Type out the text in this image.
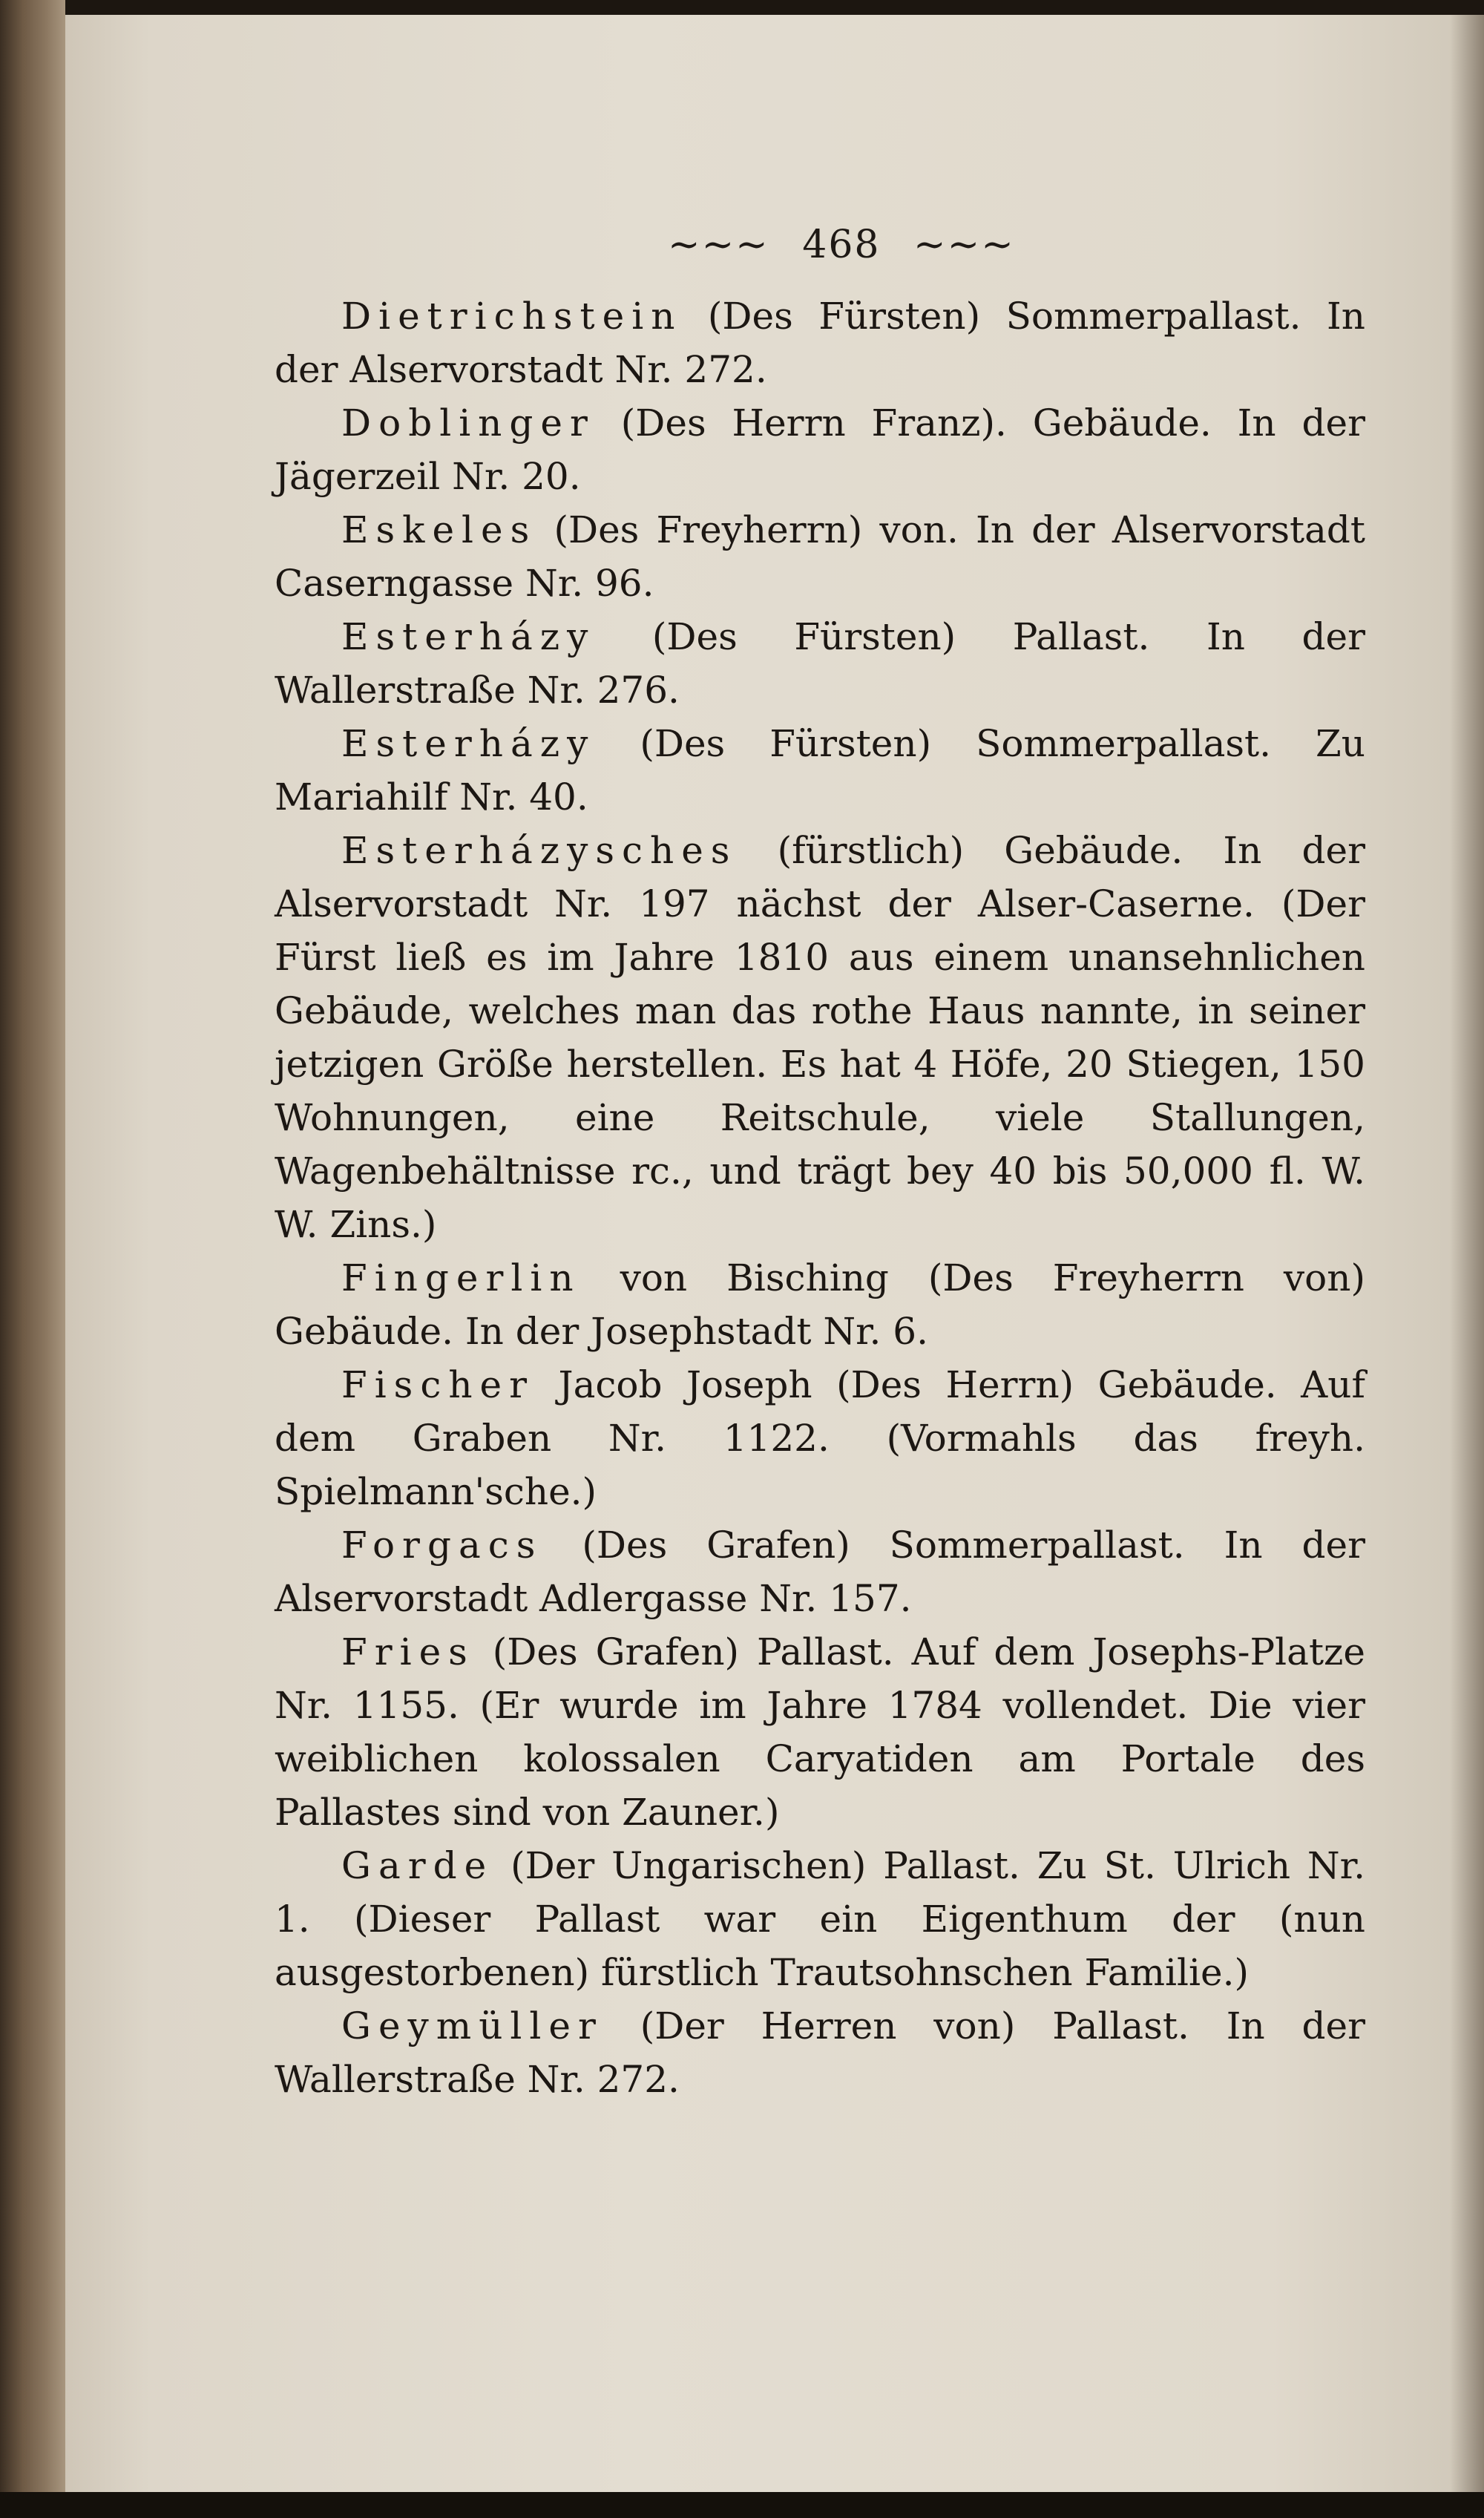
~~~ 468 ~~~

Dietrichstein (Des Fürsten) Sommerpallast. In der Alservorstadt Nr. 272.

Doblinger (Des Herrn Franz). Gebäude. In der Jägerzeil Nr. 20.

Eskeles (Des Freyherrn) von. In der Alservorstadt Caserngasse Nr. 96.

Esterházy (Des Fürsten) Pallast. In der Wallerstraße Nr. 276.

Esterházy (Des Fürsten) Sommerpallast. Zu Mariahilf Nr. 40.

Esterházysches (fürstlich) Gebäude. In der Alservorstadt Nr. 197 nächst der Alser-Caserne. (Der Fürst ließ es im Jahre 1810 aus einem unansehnlichen Gebäude, welches man das rothe Haus nannte, in seiner jetzigen Größe herstellen. Es hat 4 Höfe, 20 Stiegen, 150 Wohnungen, eine Reitschule, viele Stallungen, Wagenbehältnisse rc., und trägt bey 40 bis 50,000 fl. W. W. Zins.)

Fingerlin von Bisching (Des Freyherrn von) Gebäude. In der Josephstadt Nr. 6.

Fischer Jacob Joseph (Des Herrn) Gebäude. Auf dem Graben Nr. 1122. (Vormahls das freyh. Spielmann'sche.)

Forgacs (Des Grafen) Sommerpallast. In der Alservorstadt Adlergasse Nr. 157.

Fries (Des Grafen) Pallast. Auf dem Josephs-Platze Nr. 1155. (Er wurde im Jahre 1784 vollendet. Die vier weiblichen kolossalen Caryatiden am Portale des Pallastes sind von Zauner.)

Garde (Der Ungarischen) Pallast. Zu St. Ulrich Nr. 1. (Dieser Pallast war ein Eigenthum der (nun ausgestorbenen) fürstlich Trautsohnschen Familie.)

Geymüller (Der Herren von) Pallast. In der Wallerstraße Nr. 272.
